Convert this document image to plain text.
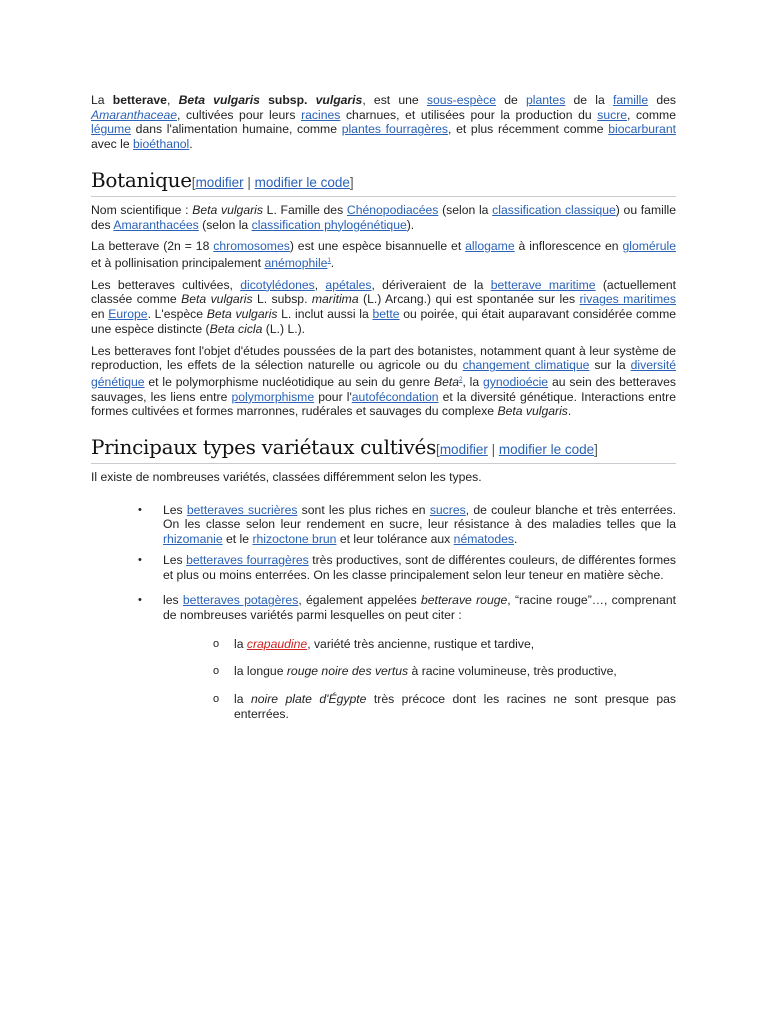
La betterave, Beta vulgaris subsp. vulgaris, est une sous-espèce de plantes de la famille des Amaranthaceae, cultivées pour leurs racines charnues, et utilisées pour la production du sucre, comme légume dans l'alimentation humaine, comme plantes fourragères, et plus récemment comme biocarburant avec le bioéthanol.

Botanique[modifier | modifier le code]

Nom scientifique : Beta vulgaris L. Famille des Chénopodiacées (selon la classification classique) ou famille des Amaranthacées (selon la classification phylogénétique).

La betterave (2n = 18 chromosomes) est une espèce bisannuelle et allogame à inflorescence en glomérule et à pollinisation principalement anémophile$^1$.

Les betteraves cultivées, dicotylédones, apétales, dériveraient de la betterave maritime (actuellement classée comme Beta vulgaris L. subsp. maritima (L.) Arcang.) qui est spontanée sur les rivages maritimes en Europe. L'espèce Beta vulgaris L. inclut aussi la bette ou poirée, qui était auparavant considérée comme une espèce distincte (Beta cicla (L.) L.).

Les betteraves font l'objet d'études poussées de la part des botanistes, notamment quant à leur système de reproduction, les effets de la sélection naturelle ou agricole ou du changement climatique sur la diversité génétique et le polymorphisme nucléotidique au sein du genre Beta$^2$, la gynodioécie au sein des betteraves sauvages, les liens entre polymorphisme pour l'autofécondation et la diversité génétique. Interactions entre formes cultivées et formes marronnes, rudérales et sauvages du complexe Beta vulgaris.

Principaux types variétaux cultivés[modifier | modifier le code]

Il existe de nombreuses variétés, classées différemment selon les types.

• Les betteraves sucrières sont les plus riches en sucres, de couleur blanche et très enterrées. On les classe selon leur rendement en sucre, leur résistance à des maladies telles que la rhizomanie et le rhizoctone brun et leur tolérance aux nématodes.
• Les betteraves fourragères très productives, sont de différentes couleurs, de différentes formes et plus ou moins enterrées. On les classe principalement selon leur teneur en matière sèche.
• les betteraves potagères, également appelées betterave rouge, “racine rouge”…, comprenant de nombreuses variétés parmi lesquelles on peut citer :
o la crapaudine, variété très ancienne, rustique et tardive,
o la longue rouge noire des vertus à racine volumineuse, très productive,
o la noire plate d'Égypte très précoce dont les racines ne sont presque pas enterrées.
